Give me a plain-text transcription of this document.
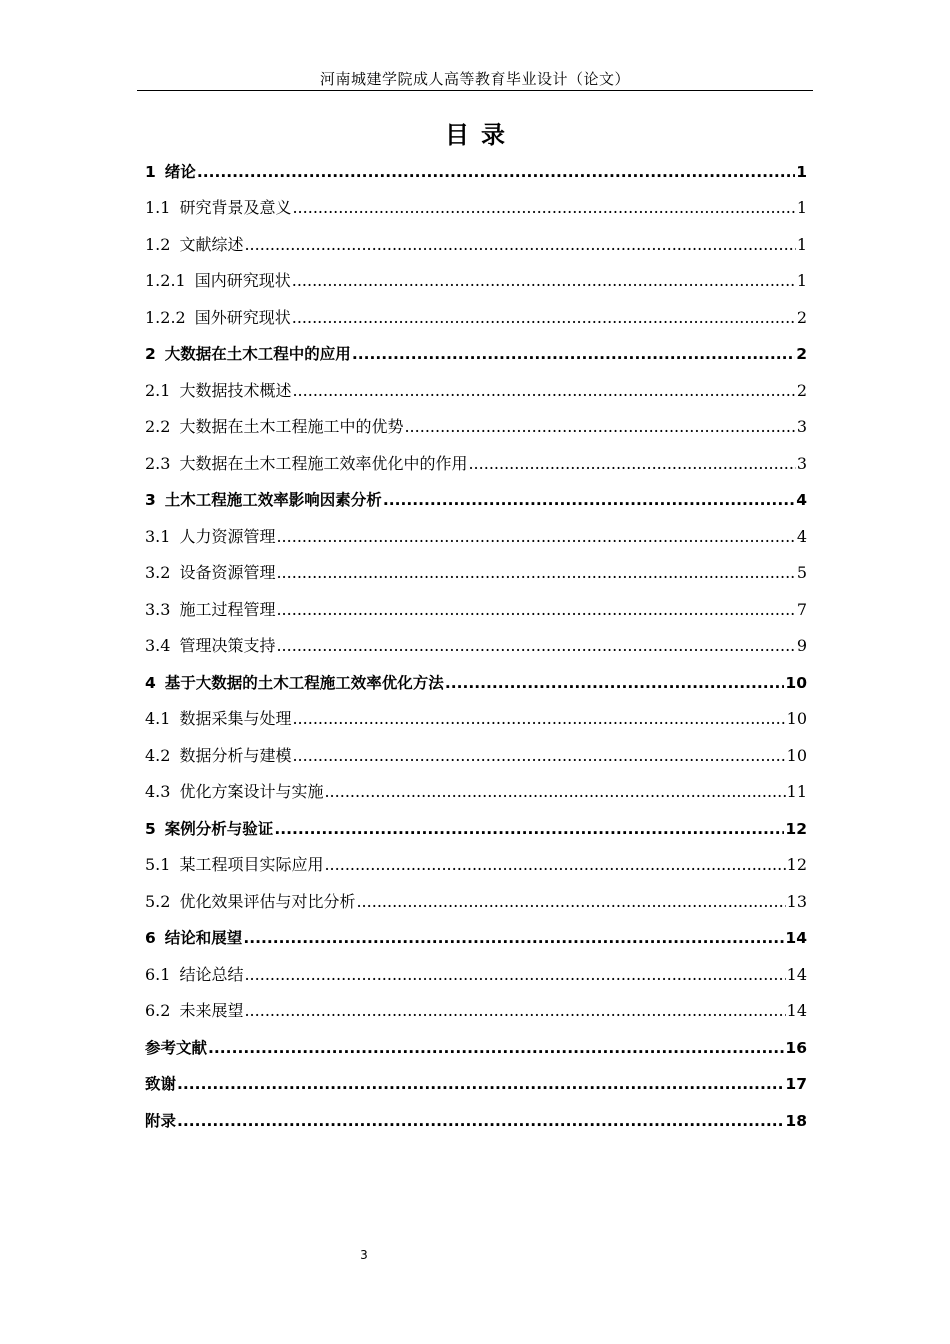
河南城建学院成人高等教育毕业设计（论文）
目 录
1 绪论 .....	1
1.1 研究背景及意义 .....	1
1.2 文献综述 .....	1
1.2.1 国内研究现状 .....	1
1.2.2 国外研究现状 .....	2
2 大数据在土木工程中的应用 .....	2
2.1 大数据技术概述 .....	2
2.2 大数据在土木工程施工中的优势 .....	3
2.3 大数据在土木工程施工效率优化中的作用 .....	3
3 土木工程施工效率影响因素分析 .....	4
3.1 人力资源管理 .....	4
3.2 设备资源管理 .....	5
3.3 施工过程管理 .....	7
3.4 管理决策支持 .....	9
4 基于大数据的土木工程施工效率优化方法 .....	10
4.1 数据采集与处理 .....	10
4.2 数据分析与建模 .....	10
4.3 优化方案设计与实施 .....	11
5 案例分析与验证 .....	12
5.1 某工程项目实际应用 .....	12
5.2 优化效果评估与对比分析 .....	13
6 结论和展望 .....	14
6.1 结论总结 .....	14
6.2 未来展望 .....	14
参考文献 .....	16
致谢 .....	17
附录 .....	18
3
